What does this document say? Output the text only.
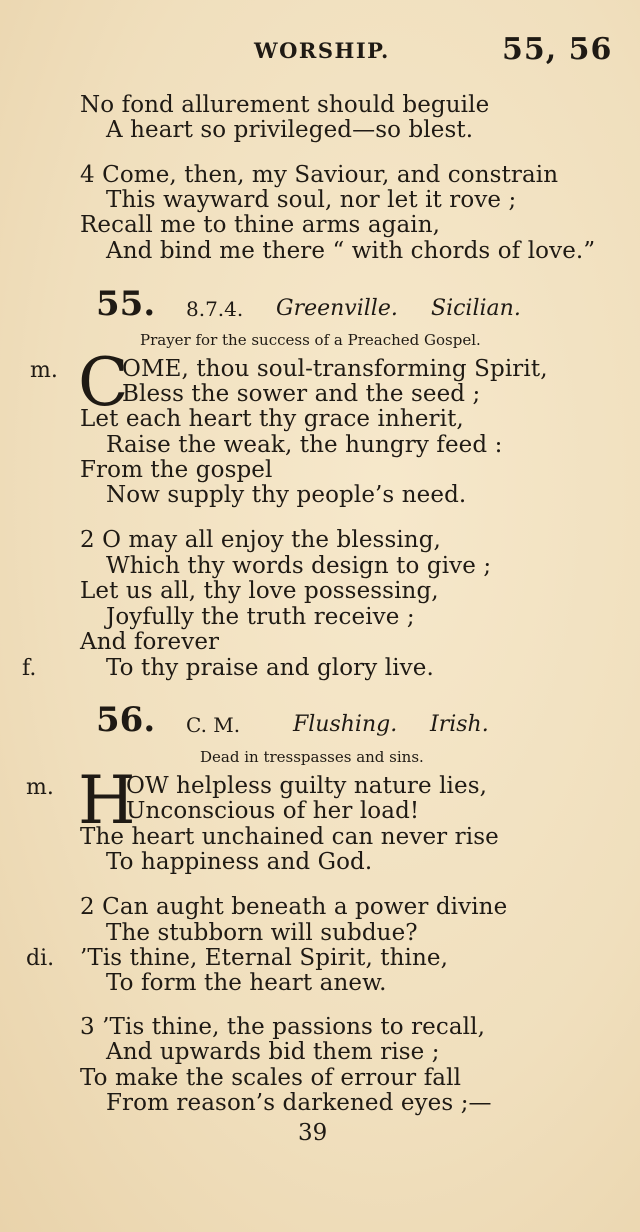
WORSHIP.	55, 56
No fond allurement should beguile
A heart so privileged—so blest.
4 Come, then, my Saviour, and constrain
This wayward soul, nor let it rove ;
Recall me to thine arms again,
And bind me there “ with chords of love.”
55. 8.7.4. Greenville. Sicilian.
Prayer for the success of a Preached Gospel.
m. C
OME, thou soul-transforming Spirit,
Bless the sower and the seed ;
Let each heart thy grace inherit,
Raise the weak, the hungry feed :
From the gospel
Now supply thy people’s need.
2 O may all enjoy the blessing,
Which thy words design to give ;
Let us all, thy love possessing,
Joyfully the truth receive ;
And forever
f.	To thy praise and glory live.
56. C. M. Flushing. Irish.
Dead in tresspasses and sins.
m. H
OW helpless guilty nature lies,
Unconscious of her load!
The heart unchained can never rise
To happiness and God.
2 Can aught beneath a power divine
The stubborn will subdue?
di. ’Tis thine, Eternal Spirit, thine,
To form the heart anew.
3 ’Tis thine, the passions to recall,
And upwards bid them rise ;
To make the scales of errour fall
From reason’s darkened eyes ;—
39
